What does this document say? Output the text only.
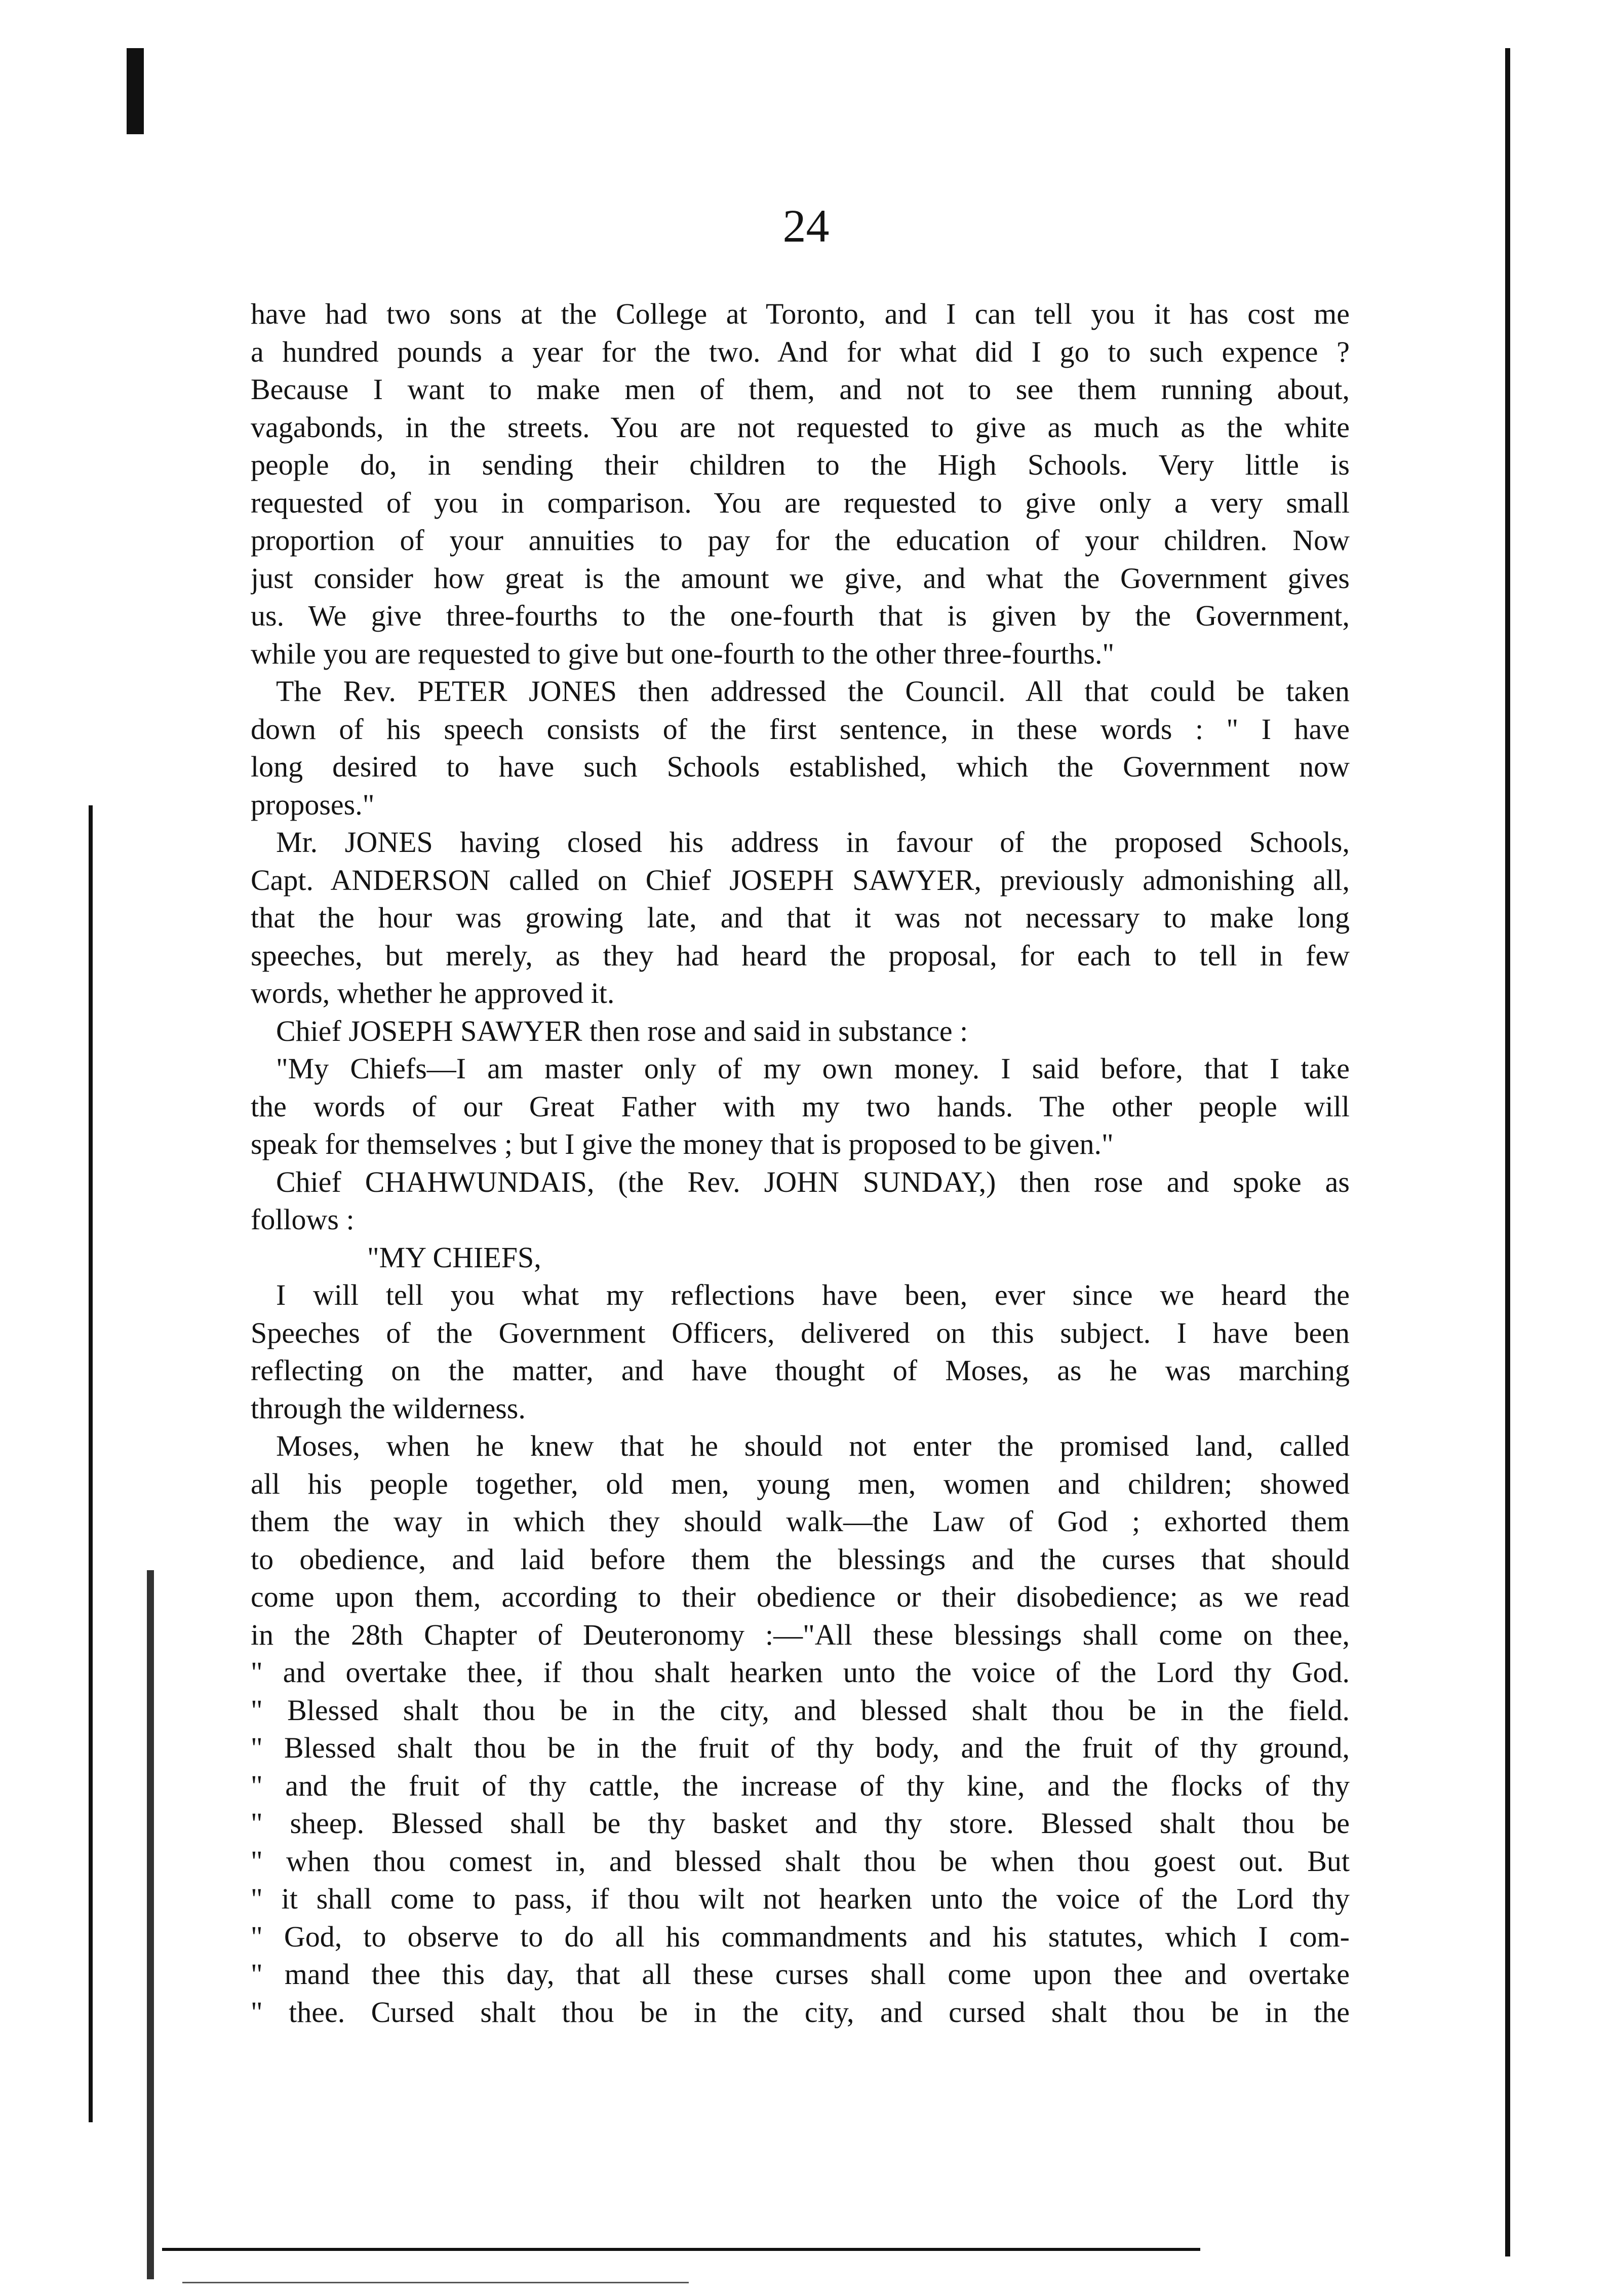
24
have had two sons at the College at Toronto, and I can tell you it has cost me
a hundred pounds a year for the two. And for what did I go to such expence ?
Because I want to make men of them, and not to see them running about,
vagabonds, in the streets. You are not requested to give as much as the white
people do, in sending their children to the High Schools. Very little is
requested of you in comparison. You are requested to give only a very small
proportion of your annuities to pay for the education of your children. Now
just consider how great is the amount we give, and what the Government gives
us. We give three-fourths to the one-fourth that is given by the Government,
while you are requested to give but one-fourth to the other three-fourths."
The Rev. PETER JONES then addressed the Council. All that could be taken
down of his speech consists of the first sentence, in these words : " I have
long desired to have such Schools established, which the Government now
proposes."
Mr. JONES having closed his address in favour of the proposed Schools,
Capt. ANDERSON called on Chief JOSEPH SAWYER, previously admonishing all,
that the hour was growing late, and that it was not necessary to make long
speeches, but merely, as they had heard the proposal, for each to tell in few
words, whether he approved it.
Chief JOSEPH SAWYER then rose and said in substance :
"My Chiefs—I am master only of my own money. I said before, that I take
the words of our Great Father with my two hands. The other people will
speak for themselves ; but I give the money that is proposed to be given."
Chief CHAHWUNDAIS, (the Rev. JOHN SUNDAY,) then rose and spoke as
follows :
"MY CHIEFS,
I will tell you what my reflections have been, ever since we heard the
Speeches of the Government Officers, delivered on this subject. I have been
reflecting on the matter, and have thought of Moses, as he was marching
through the wilderness.
Moses, when he knew that he should not enter the promised land, called
all his people together, old men, young men, women and children; showed
them the way in which they should walk—the Law of God ; exhorted them
to obedience, and laid before them the blessings and the curses that should
come upon them, according to their obedience or their disobedience; as we read
in the 28th Chapter of Deuteronomy :—"All these blessings shall come on thee,
" and overtake thee, if thou shalt hearken unto the voice of the Lord thy God.
" Blessed shalt thou be in the city, and blessed shalt thou be in the field.
" Blessed shalt thou be in the fruit of thy body, and the fruit of thy ground,
" and the fruit of thy cattle, the increase of thy kine, and the flocks of thy
" sheep. Blessed shall be thy basket and thy store. Blessed shalt thou be
" when thou comest in, and blessed shalt thou be when thou goest out. But
" it shall come to pass, if thou wilt not hearken unto the voice of the Lord thy
" God, to observe to do all his commandments and his statutes, which I com-
" mand thee this day, that all these curses shall come upon thee and overtake
" thee. Cursed shalt thou be in the city, and cursed shalt thou be in the
